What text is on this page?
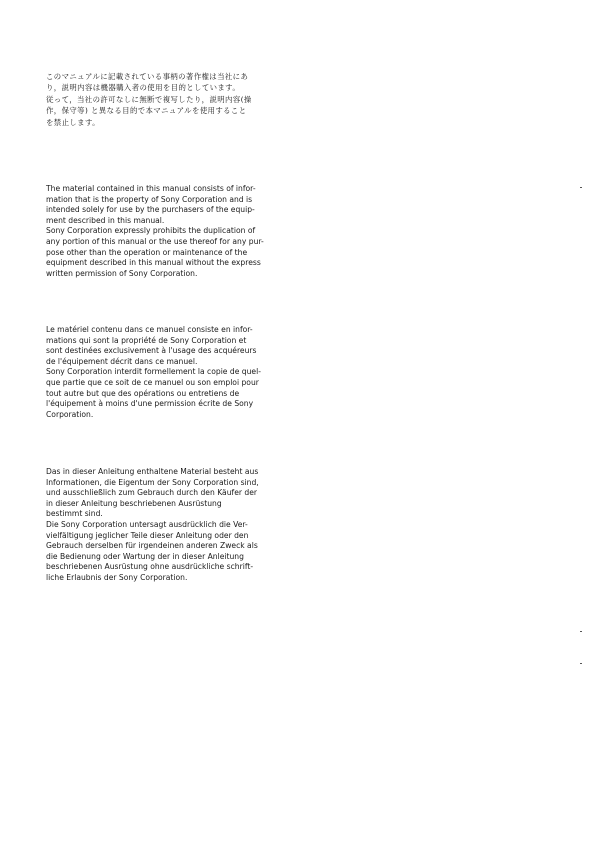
このマニュアルに記載されている事柄の著作権は当社にあ
り，説明内容は機器購入者の使用を目的としています。
従って，当社の許可なしに無断で複写したり，説明内容(操
作，保守等) と異なる目的で本マニュアルを使用すること
を禁止します。
The material contained in this manual consists of infor-
mation that is the property of Sony Corporation and is
intended solely for use by the purchasers of the equip-
ment described in this manual.
Sony Corporation expressly prohibits the duplication of
any portion of this manual or the use thereof for any pur-
pose other than the operation or maintenance of the
equipment described in this manual without the express
written permission of Sony Corporation.
Le matériel contenu dans ce manuel consiste en infor-
mations qui sont la propriété de Sony Corporation et
sont destinées exclusivement à l'usage des acquéreurs
de l'équipement décrit dans ce manuel.
Sony Corporation interdit formellement la copie de quel-
que partie que ce soit de ce manuel ou son emploi pour
tout autre but que des opérations ou entretiens de
l'équipement à moins d'une permission écrite de Sony
Corporation.
Das in dieser Anleitung enthaltene Material besteht aus
Informationen, die Eigentum der Sony Corporation sind,
und ausschließlich zum Gebrauch durch den Käufer der
in dieser Anleitung beschriebenen Ausrüstung
bestimmt sind.
Die Sony Corporation untersagt ausdrücklich die Ver-
vielfältigung jeglicher Teile dieser Anleitung oder den
Gebrauch derselben für irgendeinen anderen Zweck als
die Bedienung oder Wartung der in dieser Anleitung
beschriebenen Ausrüstung ohne ausdrückliche schrift-
liche Erlaubnis der Sony Corporation.
